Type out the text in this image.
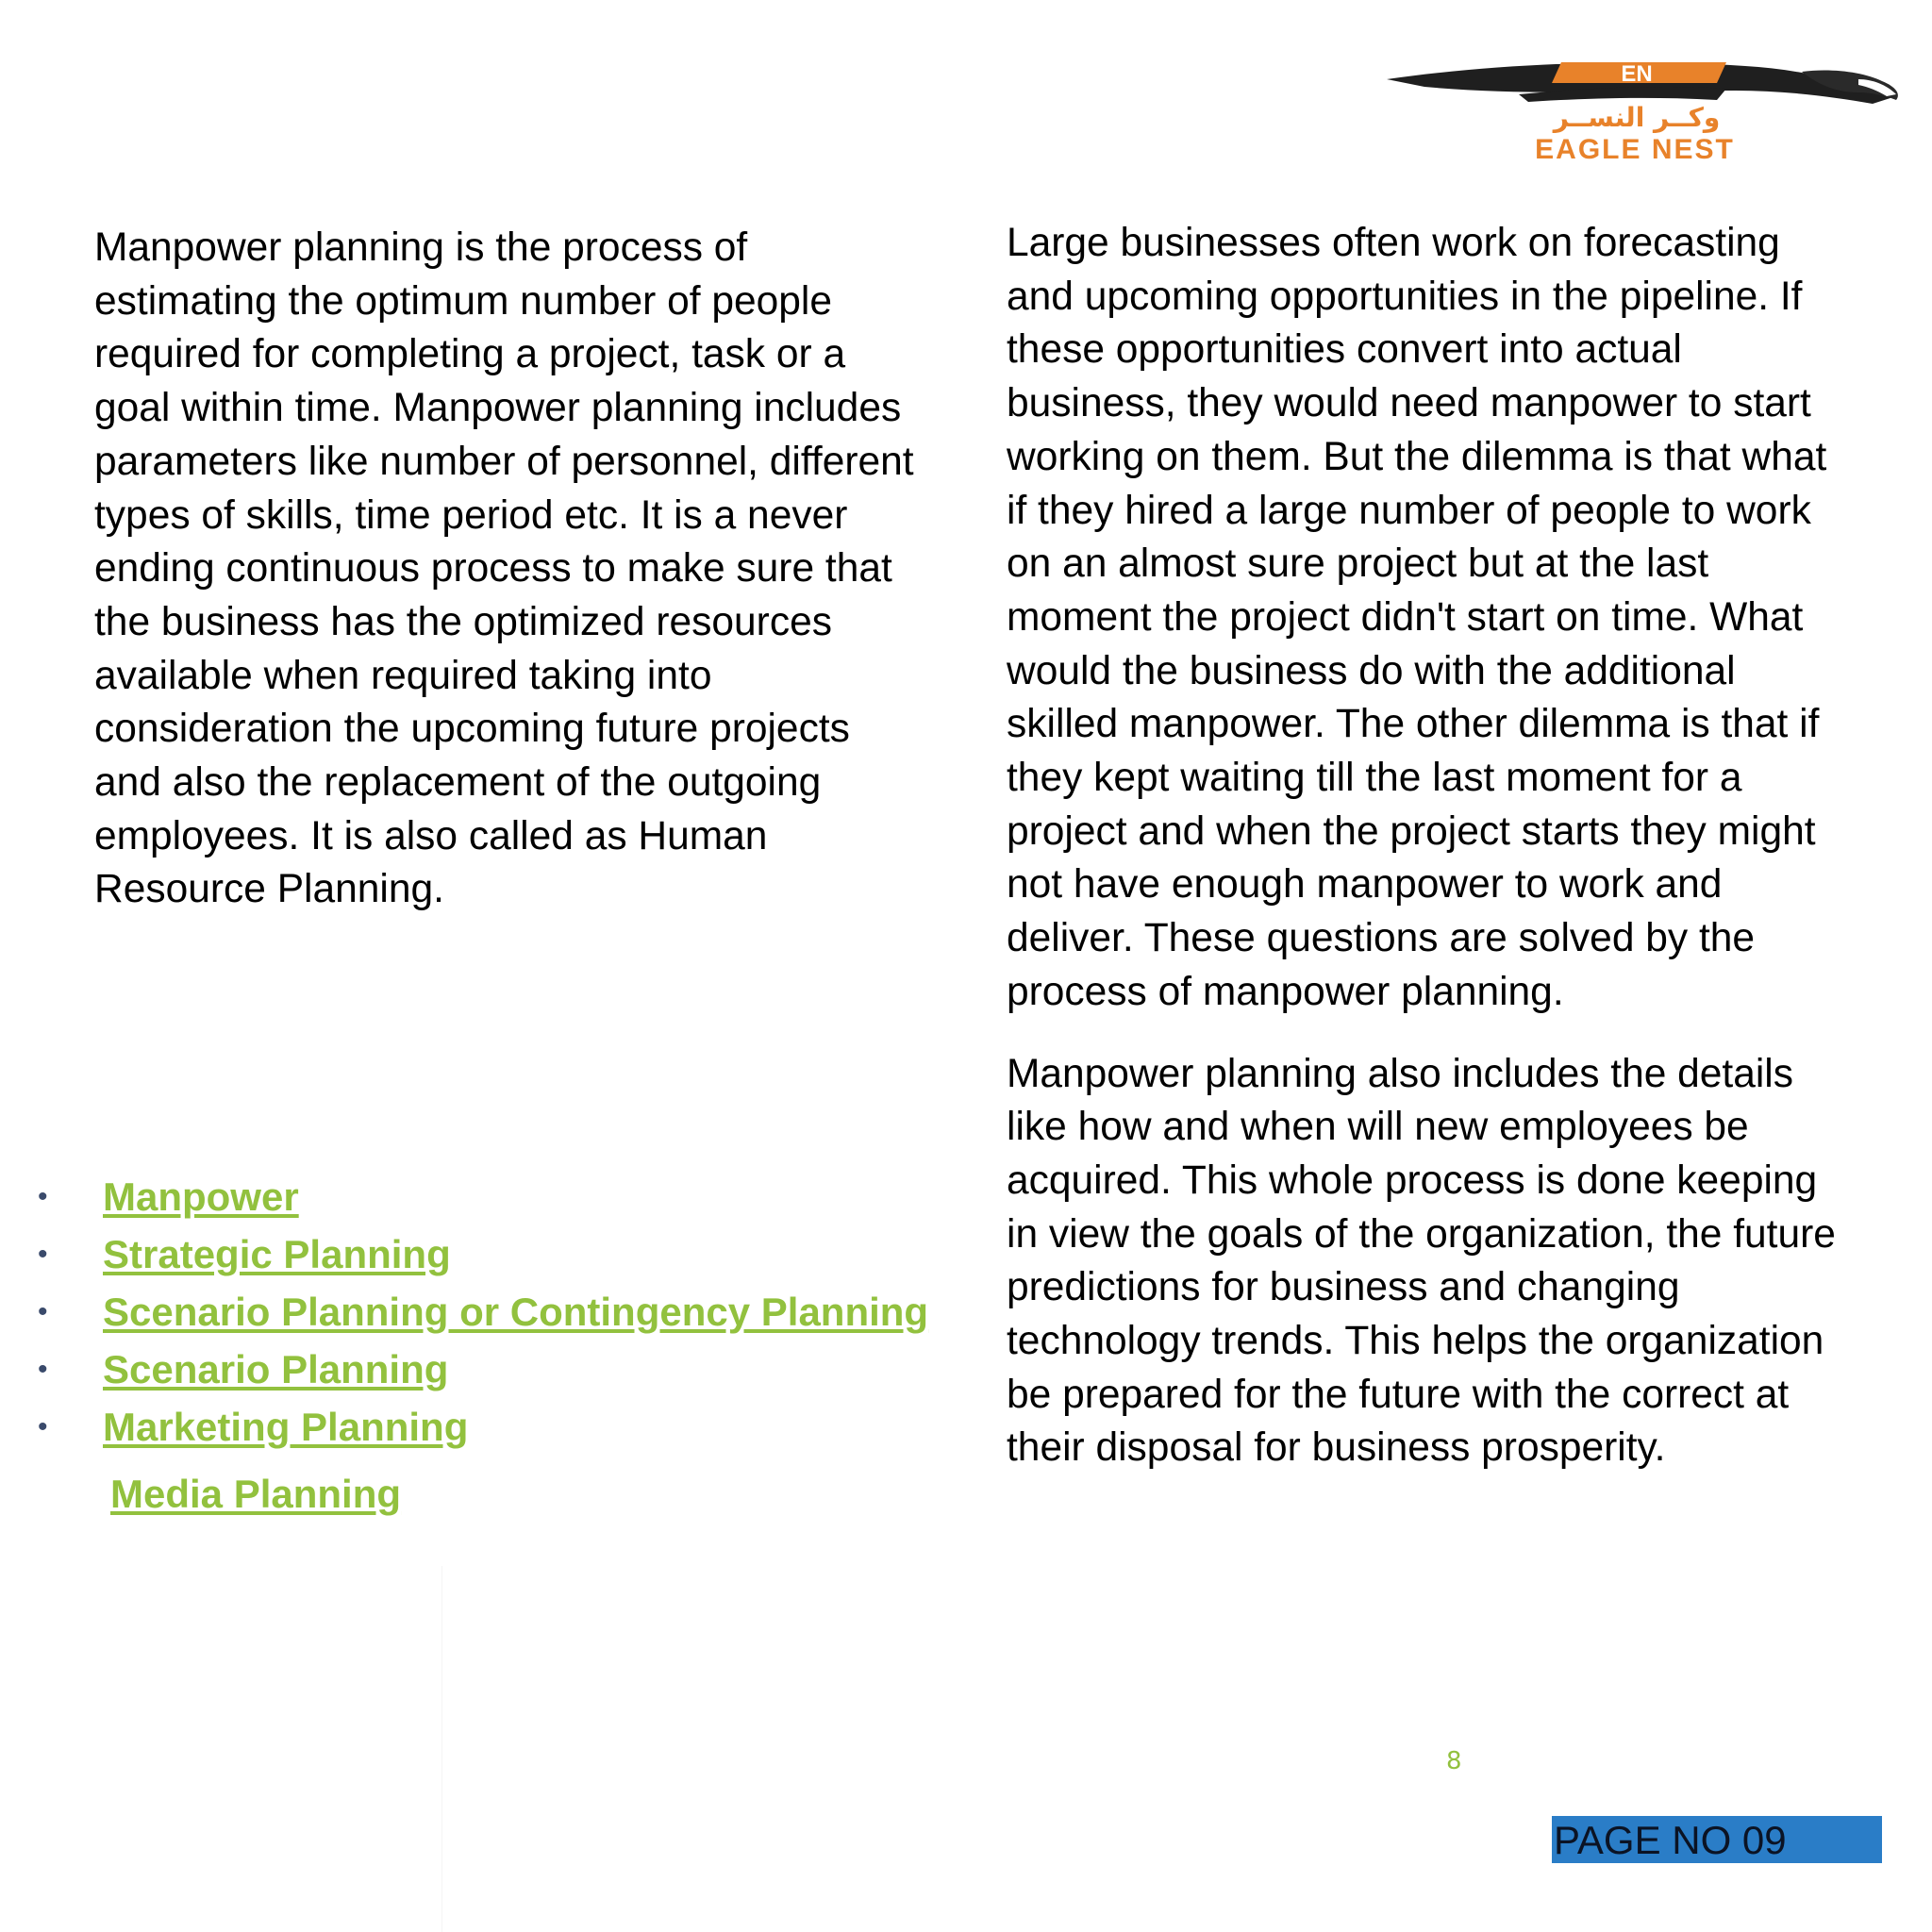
EN
وكــر النســر
EAGLE NEST

Manpower planning is the process of estimating the optimum number of people required for completing a project, task or a goal within time. Manpower planning includes parameters like number of personnel, different types of skills, time period etc. It is a never ending continuous process to make sure that the business has the optimized resources available when required taking into consideration the upcoming future projects and also the replacement of the outgoing employees. It is also called as Human Resource Planning.

Large businesses often work on forecasting and upcoming opportunities in the pipeline. If these opportunities convert into actual business, they would need manpower to start working on them. But the dilemma is that what if they hired a large number of people to work on an almost sure project but at the last moment the project didn't start on time. What would the business do with the additional skilled manpower. The other dilemma is that if they kept waiting till the last moment for a project and when the project starts they might not have enough manpower to work and deliver. These questions are solved by the process of manpower planning.

Manpower planning also includes the details like how and when will new employees be acquired. This whole process is done keeping in view the goals of the organization, the future predictions for business and changing technology trends. This helps the organization be prepared for the future with the correct at their disposal for business prosperity.

• Manpower
• Strategic Planning
• Scenario Planning or Contingency Planning
• Scenario Planning
• Marketing Planning
Media Planning
8
PAGE NO 09
